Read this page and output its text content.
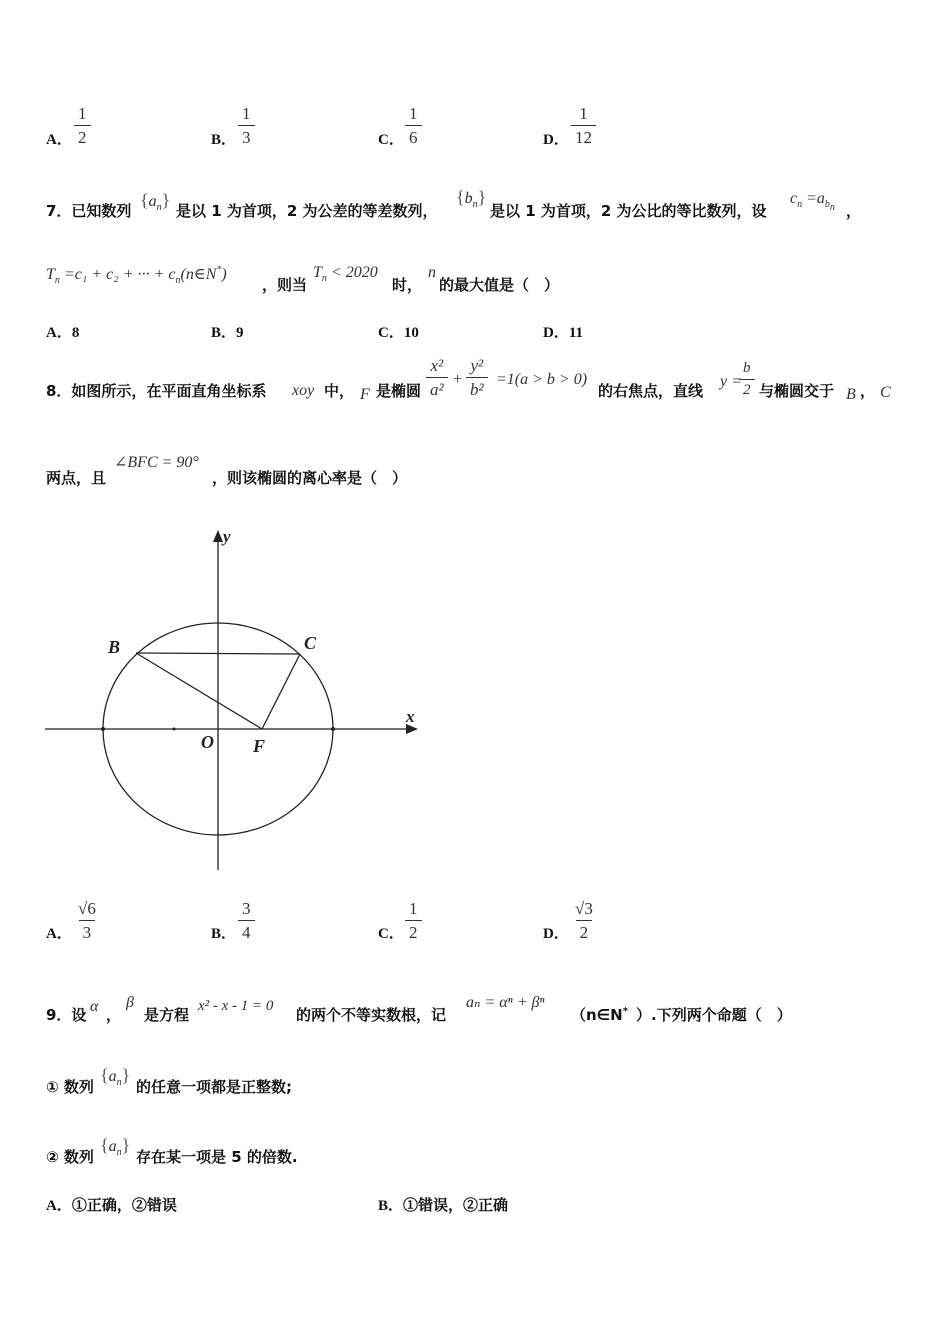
A． $\frac{1}{2}$	B． $\frac{1}{3}$	C． $\frac{1}{6}$	D． $\frac{1}{12}$
7．已知数列
$\{a_n\}$
是以 1 为首项，2 为公差的等差数列，
$\{b_n\}$
是以 1 为首项，2 为公比的等比数列，设
$c_n =a_{b_n}$ ，
$T_n =c_1 + c_2$ + ··· + $c_n(n\in N^*)$
，则当
$T_n < 2020$
时，
n
的最大值是（　）
A．8	B．9	C．10	D．11
8．如图所示，在平面直角坐标系 xoy 中， F 是椭圆 $\frac{\text{x²}}{\text{a²}} + \frac{\text{y²}}{\text{b²}} =1(a > b > 0)$
的右焦点，直线
y =
$\frac{b}{2}$ 与椭圆交于 B ， C
两点，且
∠BFC = 90°
，则该椭圆的离心率是（　）
y
x
B	C
O F
A． $\frac{√6}{3}$	B． $\frac{3}{4}$	C． $\frac{1}{2}$	D． $\frac{√3}{2}$
9．设 α ，
β
是方程 x² - x - 1 = 0 的两个不等实数根，记
aₙ = αⁿ + βⁿ
（n∈N* ）.下列两个命题（　）
① 数列
$\{a_n\}$
的任意一项都是正整数;
② 数列
$\{a_n\}$
存在某一项是 5 的倍数.
A．①正确，②错误	B．①错误，②正确
